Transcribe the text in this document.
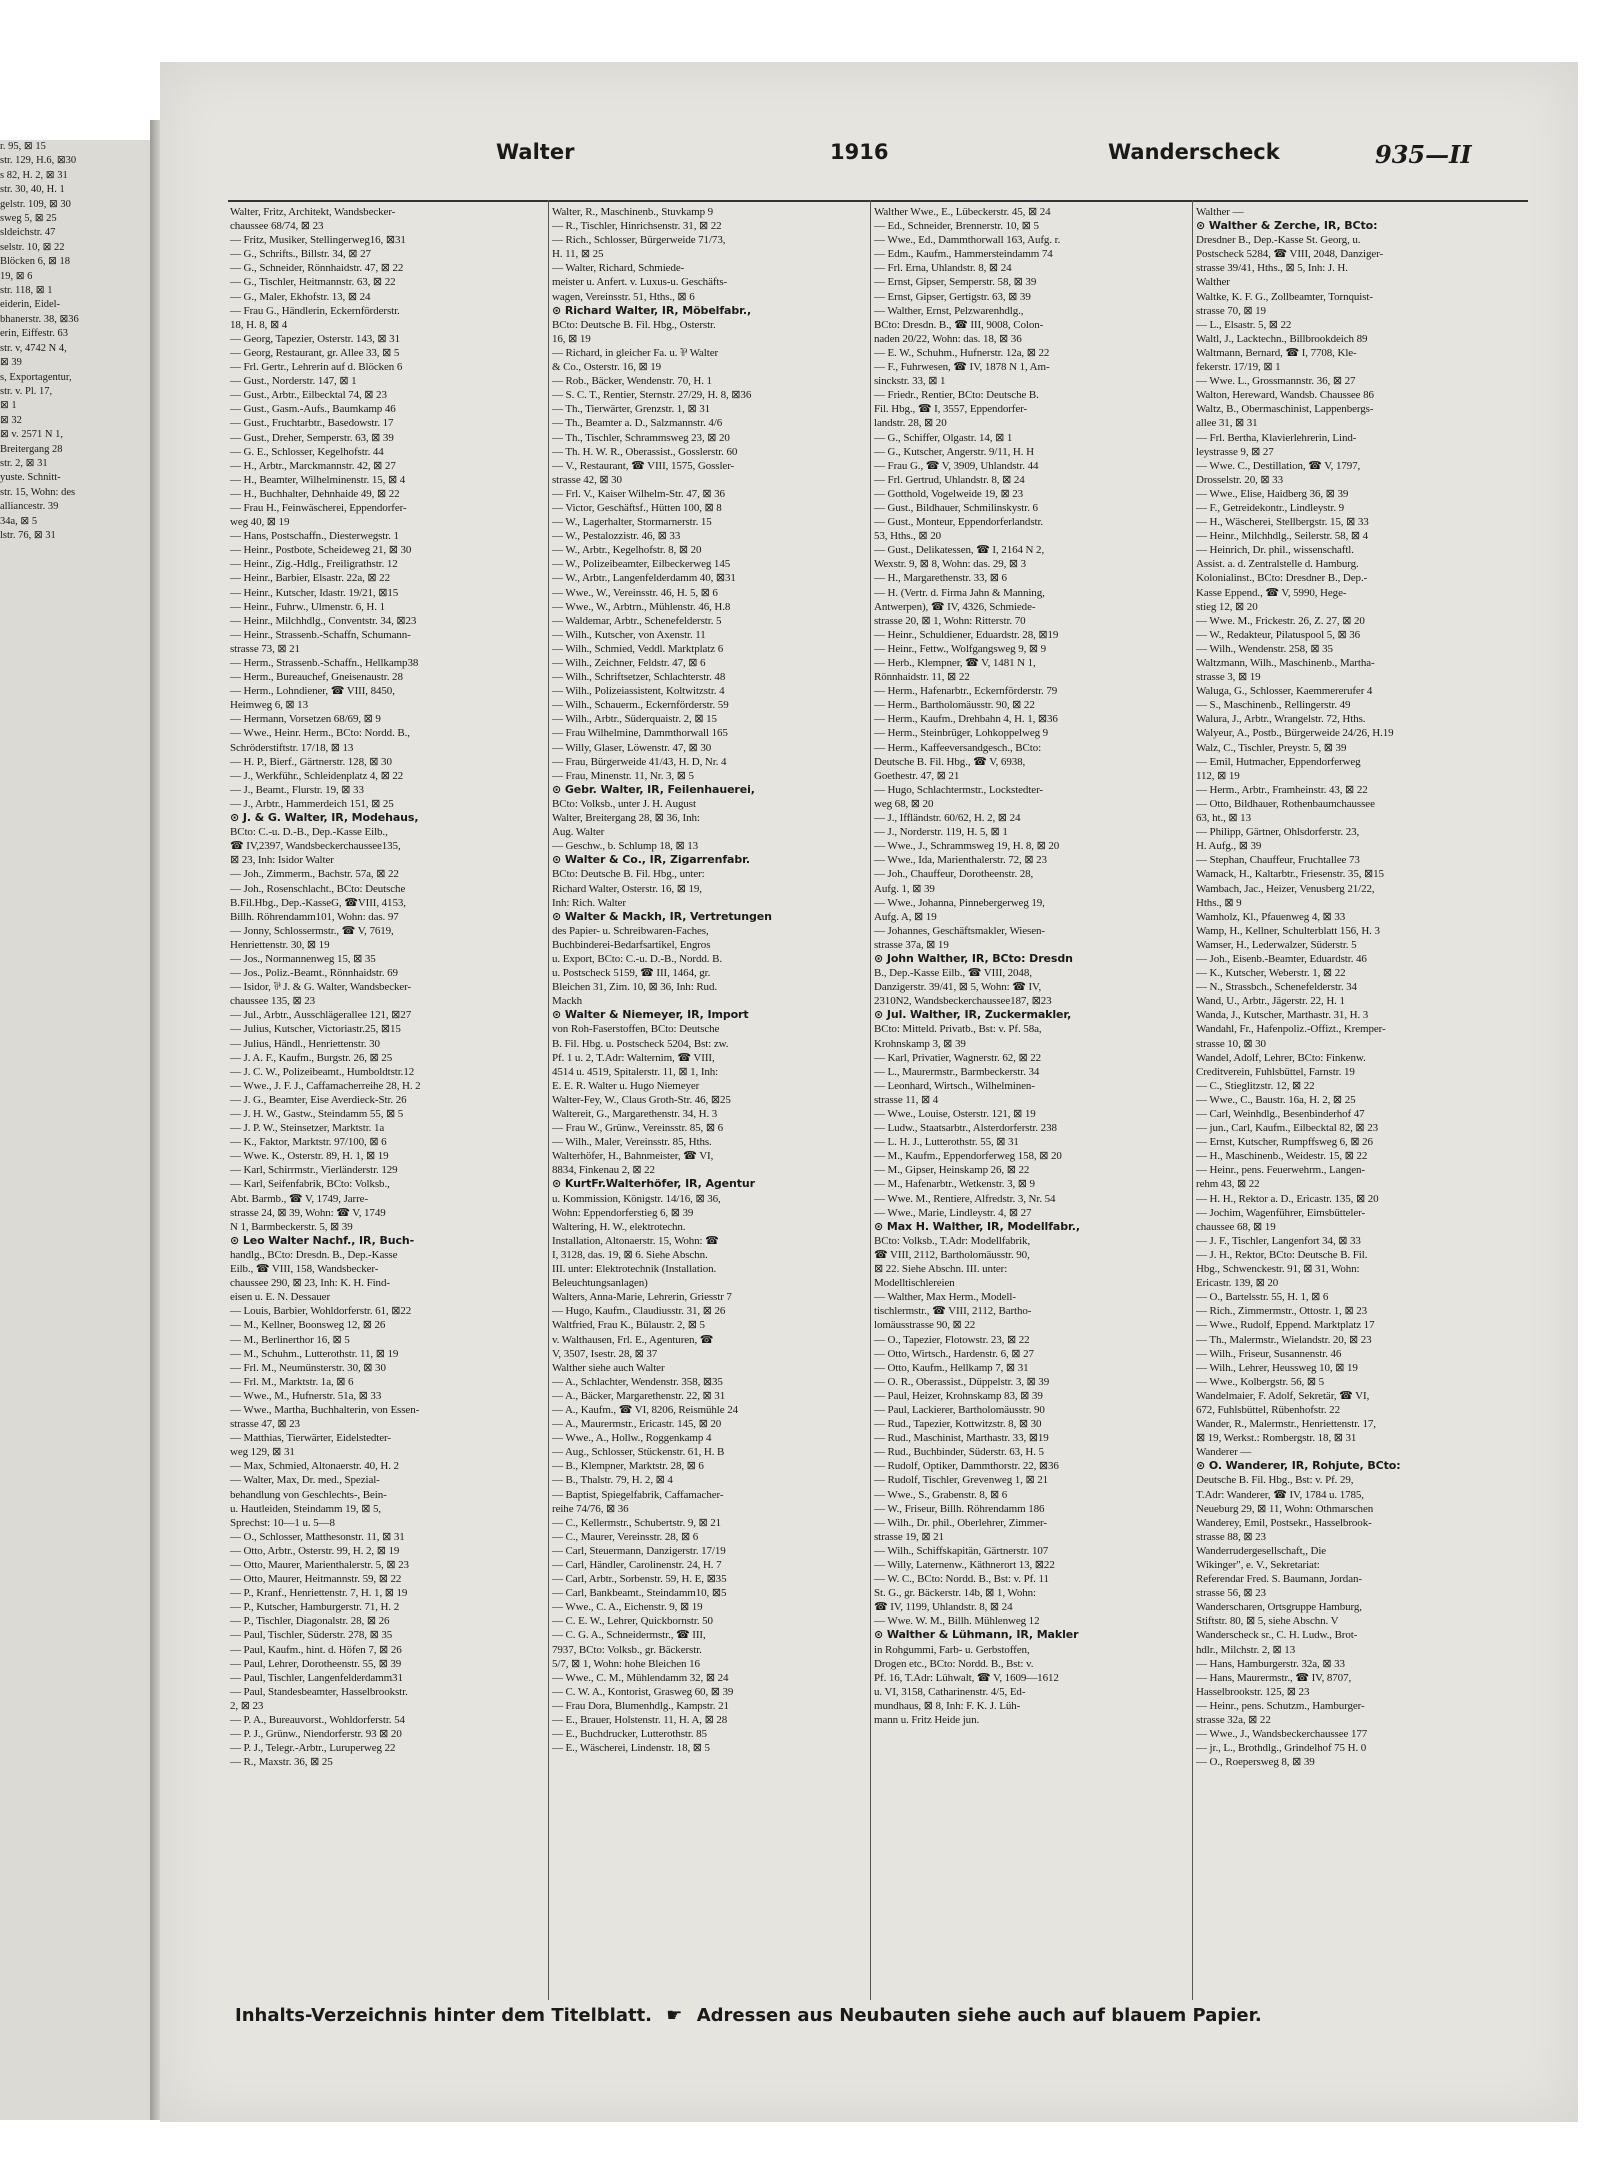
r. 95, ⊠ 15
str. 129, H.6, ⊠30
s 82, H. 2, ⊠ 31
str. 30, 40, H. 1
gelstr. 109, ⊠ 30
sweg 5, ⊠ 25
sldeichstr. 47
selstr. 10, ⊠ 22
Blöcken 6, ⊠ 18
19, ⊠ 6
str. 118, ⊠ 1
eiderin, Eidel-
bhanerstr. 38, ⊠36
erin, Eiffestr. 63
str. v, 4742 N 4,
⊠ 39
s, Exportagentur,
str. v. Pl. 17,
⊠ 1
⊠ 32
⊠ v. 2571 N 1,
Breitergang 28
str. 2, ⊠ 31
yuste. Schnitt-
str. 15, Wohn: des
alliancestr. 39
34a, ⊠ 5
lstr. 76, ⊠ 31
Walter	1916	Wanderscheck	935—II
Walter, Fritz, Architekt, Wandsbecker-
chaussee 68/74, ⊠ 23
— Fritz, Musiker, Stellingerweg16, ⊠31
— G., Schrifts., Billstr. 34, ⊠ 27
— G., Schneider, Rönnhaidstr. 47, ⊠ 22
— G., Tischler, Heitmannstr. 63, ⊠ 22
— G., Maler, Ekhofstr. 13, ⊠ 24
— Frau G., Händlerin, Eckernförderstr.
18, H. 8, ⊠ 4
— Georg, Tapezier, Osterstr. 143, ⊠ 31
— Georg, Restaurant, gr. Allee 33, ⊠ 5
— Frl. Gertr., Lehrerin auf d. Blöcken 6
— Gust., Norderstr. 147, ⊠ 1
— Gust., Arbtr., Eilbecktal 74, ⊠ 23
— Gust., Gasm.-Aufs., Baumkamp 46
— Gust., Fruchtarbtr., Basedowstr. 17
— Gust., Dreher, Semperstr. 63, ⊠ 39
— G. E., Schlosser, Kegelhofstr. 44
— H., Arbtr., Marckmannstr. 42, ⊠ 27
— H., Beamter, Wilhelminenstr. 15, ⊠ 4
— H., Buchhalter, Dehnhaide 49, ⊠ 22
— Frau H., Feinwäscherei, Eppendorfer-
weg 40, ⊠ 19
— Hans, Postschaffn., Diesterwegstr. 1
— Heinr., Postbote, Scheideweg 21, ⊠ 30
— Heinr., Zig.-Hdlg., Freiligrathstr. 12
— Heinr., Barbier, Elsastr. 22a, ⊠ 22
— Heinr., Kutscher, Idastr. 19/21, ⊠15
— Heinr., Fuhrw., Ulmenstr. 6, H. 1
— Heinr., Milchhdlg., Conventstr. 34, ⊠23
— Heinr., Strassenb.-Schaffn, Schumann-
strasse 73, ⊠ 21
— Herm., Strassenb.-Schaffn., Hellkamp38
— Herm., Bureauchef, Gneisenaustr. 28
— Herm., Lohndiener, ☎ VIII, 8450,
Heimweg 6, ⊠ 13
— Hermann, Vorsetzen 68/69, ⊠ 9
— Wwe., Heinr. Herm., BCto: Nordd. B.,
Schröderstiftstr. 17/18, ⊠ 13
— H. P., Bierf., Gärtnerstr. 128, ⊠ 30
— J., Werkführ., Schleidenplatz 4, ⊠ 22
— J., Beamt., Flurstr. 19, ⊠ 33
— J., Arbtr., Hammerdeich 151, ⊠ 25
⊙ J. & G. Walter, IR, Modehaus,
BCto: C.-u. D.-B., Dep.-Kasse Eilb.,
☎ IV,2397, Wandsbeckerchaussee135,
⊠ 23, Inh: Isidor Walter
— Joh., Zimmerm., Bachstr. 57a, ⊠ 22
— Joh., Rosenschlacht., BCto: Deutsche
B.Fil.Hbg., Dep.-KasseG, ☎VIII, 4153,
Billh. Röhrendamm101, Wohn: das. 97
— Jonny, Schlossermstr., ☎ V, 7619,
Henriettenstr. 30, ⊠ 19
— Jos., Normannenweg 15, ⊠ 35
— Jos., Poliz.-Beamt., Rönnhaidstr. 69
— Isidor, ⅌ J. & G. Walter, Wandsbecker-
chaussee 135, ⊠ 23
— Jul., Arbtr., Ausschlägerallee 121, ⊠27
— Julius, Kutscher, Victoriastr.25, ⊠15
— Julius, Händl., Henriettenstr. 30
— J. A. F., Kaufm., Burgstr. 26, ⊠ 25
— J. C. W., Polizeibeamt., Humboldtstr.12
— Wwe., J. F. J., Caffamacherreihe 28, H. 2
— J. G., Beamter, Eise Averdieck-Str. 26
— J. H. W., Gastw., Steindamm 55, ⊠ 5
— J. P. W., Steinsetzer, Marktstr. 1a
— K., Faktor, Marktstr. 97/100, ⊠ 6
— Wwe. K., Osterstr. 89, H. 1, ⊠ 19
— Karl, Schirrmstr., Vierländerstr. 129
— Karl, Seifenfabrik, BCto: Volksb.,
Abt. Barmb., ☎ V, 1749, Jarre-
strasse 24, ⊠ 39, Wohn: ☎ V, 1749
N 1, Barmbeckerstr. 5, ⊠ 39
⊙ Leo Walter Nachf., IR, Buch-
handlg., BCto: Dresdn. B., Dep.-Kasse
Eilb., ☎ VIII, 158, Wandsbecker-
chaussee 290, ⊠ 23, Inh: K. H. Find-
eisen u. E. N. Dessauer
— Louis, Barbier, Wohldorferstr. 61, ⊠22
— M., Kellner, Boonsweg 12, ⊠ 26
— M., Berlinerthor 16, ⊠ 5
— M., Schuhm., Lutterothstr. 11, ⊠ 19
— Frl. M., Neumünsterstr. 30, ⊠ 30
— Frl. M., Marktstr. 1a, ⊠ 6
— Wwe., M., Hufnerstr. 51a, ⊠ 33
— Wwe., Martha, Buchhalterin, von Essen-
strasse 47, ⊠ 23
— Matthias, Tierwärter, Eidelstedter-
weg 129, ⊠ 31
— Max, Schmied, Altonaerstr. 40, H. 2
— Walter, Max, Dr. med., Spezial-
behandlung von Geschlechts-, Bein-
u. Hautleiden, Steindamm 19, ⊠ 5,
Sprechst: 10—1 u. 5—8
— O., Schlosser, Matthesonstr. 11, ⊠ 31
— Otto, Arbtr., Osterstr. 99, H. 2, ⊠ 19
— Otto, Maurer, Marienthalerstr. 5, ⊠ 23
— Otto, Maurer, Heitmannstr. 59, ⊠ 22
— P., Kranf., Henriettenstr. 7, H. 1, ⊠ 19
— P., Kutscher, Hamburgerstr. 71, H. 2
— P., Tischler, Diagonalstr. 28, ⊠ 26
— Paul, Tischler, Süderstr. 278, ⊠ 35
— Paul, Kaufm., hint. d. Höfen 7, ⊠ 26
— Paul, Lehrer, Dorotheenstr. 55, ⊠ 39
— Paul, Tischler, Langenfelderdamm31
— Paul, Standesbeamter, Hasselbrookstr.
2, ⊠ 23
— P. A., Bureauvorst., Wohldorferstr. 54
— P. J., Grünw., Niendorferstr. 93 ⊠ 20
— P. J., Telegr.-Arbtr., Luruperweg 22
— R., Maxstr. 36, ⊠ 25
Walter, R., Maschinenb., Stuvkamp 9
— R., Tischler, Hinrichsenstr. 31, ⊠ 22
— Rich., Schlosser, Bürgerweide 71/73,
H. 11, ⊠ 25
— Walter, Richard, Schmiede-
meister u. Anfert. v. Luxus-u. Geschäfts-
wagen, Vereinsstr. 51, Hths., ⊠ 6
⊙ Richard Walter, IR, Möbelfabr.,
BCto: Deutsche B. Fil. Hbg., Osterstr.
16, ⊠ 19
— Richard, in gleicher Fa. u. ⅌ Walter
& Co., Osterstr. 16, ⊠ 19
— Rob., Bäcker, Wendenstr. 70, H. 1
— S. C. T., Rentier, Sternstr. 27/29, H. 8, ⊠36
— Th., Tierwärter, Grenzstr. 1, ⊠ 31
— Th., Beamter a. D., Salzmannstr. 4/6
— Th., Tischler, Schrammsweg 23, ⊠ 20
— Th. H. W. R., Oberassist., Gosslerstr. 60
— V., Restaurant, ☎ VIII, 1575, Gossler-
strasse 42, ⊠ 30
— Frl. V., Kaiser Wilhelm-Str. 47, ⊠ 36
— Victor, Geschäftsf., Hütten 100, ⊠ 8
— W., Lagerhalter, Stormarnerstr. 15
— W., Pestalozzistr. 46, ⊠ 33
— W., Arbtr., Kegelhofstr. 8, ⊠ 20
— W., Polizeibeamter, Eilbeckerweg 145
— W., Arbtr., Langenfelderdamm 40, ⊠31
— Wwe., W., Vereinsstr. 46, H. 5, ⊠ 6
— Wwe., W., Arbtrn., Mühlenstr. 46, H.8
— Waldemar, Arbtr., Schenefelderstr. 5
— Wilh., Kutscher, von Axenstr. 11
— Wilh., Schmied, Veddl. Marktplatz 6
— Wilh., Zeichner, Feldstr. 47, ⊠ 6
— Wilh., Schriftsetzer, Schlachterstr. 48
— Wilh., Polizeiassistent, Koltwitzstr. 4
— Wilh., Schauerm., Eckernförderstr. 59
— Wilh., Arbtr., Süderquaistr. 2, ⊠ 15
— Frau Wilhelmine, Dammthorwall 165
— Willy, Glaser, Löwenstr. 47, ⊠ 30
— Frau, Bürgerweide 41/43, H. D, Nr. 4
— Frau, Minenstr. 11, Nr. 3, ⊠ 5
⊙ Gebr. Walter, IR, Feilenhauerei,
BCto: Volksb., unter J. H. August
Walter, Breitergang 28, ⊠ 36, Inh:
Aug. Walter
— Geschw., b. Schlump 18, ⊠ 13
⊙ Walter & Co., IR, Zigarrenfabr.
BCto: Deutsche B. Fil. Hbg., unter:
Richard Walter, Osterstr. 16, ⊠ 19,
Inh: Rich. Walter
⊙ Walter & Mackh, IR, Vertretungen
des Papier- u. Schreibwaren-Faches,
Buchbinderei-Bedarfsartikel, Engros
u. Export, BCto: C.-u. D.-B., Nordd. B.
u. Postscheck 5159, ☎ III, 1464, gr.
Bleichen 31, Zim. 10, ⊠ 36, Inh: Rud.
Mackh
⊙ Walter & Niemeyer, IR, Import
von Roh-Faserstoffen, BCto: Deutsche
B. Fil. Hbg. u. Postscheck 5204, Bst: zw.
Pf. 1 u. 2, T.Adr: Walternim, ☎ VIII,
4514 u. 4519, Spitalerstr. 11, ⊠ 1, Inh:
E. E. R. Walter u. Hugo Niemeyer
Walter-Fey, W., Claus Groth-Str. 46, ⊠25
Waltereit, G., Margarethenstr. 34, H. 3
— Frau W., Grünw., Vereinsstr. 85, ⊠ 6
— Wilh., Maler, Vereinsstr. 85, Hths.
Walterhöfer, H., Bahnmeister, ☎ VI,
8834, Finkenau 2, ⊠ 22
⊙ KurtFr.Walterhöfer, IR, Agentur
u. Kommission, Königstr. 14/16, ⊠ 36,
Wohn: Eppendorferstieg 6, ⊠ 39
Waltering, H. W., elektrotechn.
Installation, Altonaerstr. 15, Wohn: ☎
I, 3128, das. 19, ⊠ 6. Siehe Abschn.
III. unter: Elektrotechnik (Installation.
Beleuchtungsanlagen)
Walters, Anna-Marie, Lehrerin, Griesstr 7
— Hugo, Kaufm., Claudiusstr. 31, ⊠ 26
Waltfried, Frau K., Bülaustr. 2, ⊠ 5
v. Walthausen, Frl. E., Agenturen, ☎
V, 3507, Isestr. 28, ⊠ 37
Walther siehe auch Walter
— A., Schlachter, Wendenstr. 358, ⊠35
— A., Bäcker, Margarethenstr. 22, ⊠ 31
— A., Kaufm., ☎ VI, 8206, Reismühle 24
— A., Maurermstr., Ericastr. 145, ⊠ 20
— Wwe., A., Hollw., Roggenkamp 4
— Aug., Schlosser, Stückenstr. 61, H. B
— B., Klempner, Marktstr. 28, ⊠ 6
— B., Thalstr. 79, H. 2, ⊠ 4
— Baptist, Spiegelfabrik, Caffamacher-
reihe 74/76, ⊠ 36
— C., Kellermstr., Schubertstr. 9, ⊠ 21
— C., Maurer, Vereinsstr. 28, ⊠ 6
— Carl, Steuermann, Danzigerstr. 17/19
— Carl, Händler, Carolinenstr. 24, H. 7
— Carl, Arbtr., Sorbenstr. 59, H. E, ⊠35
— Carl, Bankbeamt., Steindamm10, ⊠5
— Wwe., C. A., Eichenstr. 9, ⊠ 19
— C. E. W., Lehrer, Quickbornstr. 50
— C. G. A., Schneidermstr., ☎ III,
7937, BCto: Volksb., gr. Bäckerstr.
5/7, ⊠ 1, Wohn: hohe Bleichen 16
— Wwe., C. M., Mühlendamm 32, ⊠ 24
— C. W. A., Kontorist, Grasweg 60, ⊠ 39
— Frau Dora, Blumenhdlg., Kampstr. 21
— E., Brauer, Holstenstr. 11, H. A, ⊠ 28
— E., Buchdrucker, Lutterothstr. 85
— E., Wäscherei, Lindenstr. 18, ⊠ 5
Walther Wwe., E., Lübeckerstr. 45, ⊠ 24
— Ed., Schneider, Brennerstr. 10, ⊠ 5
— Wwe., Ed., Dammthorwall 163, Aufg. r.
— Edm., Kaufm., Hammersteindamm 74
— Frl. Erna, Uhlandstr. 8, ⊠ 24
— Ernst, Gipser, Semperstr. 58, ⊠ 39
— Ernst, Gipser, Gertigstr. 63, ⊠ 39
— Walther, Ernst, Pelzwarenhdlg.,
BCto: Dresdn. B., ☎ III, 9008, Colon-
naden 20/22, Wohn: das. 18, ⊠ 36
— E. W., Schuhm., Hufnerstr. 12a, ⊠ 22
— F., Fuhrwesen, ☎ IV, 1878 N 1, Am-
sinckstr. 33, ⊠ 1
— Friedr., Rentier, BCto: Deutsche B.
Fil. Hbg., ☎ I, 3557, Eppendorfer-
landstr. 28, ⊠ 20
— G., Schiffer, Olgastr. 14, ⊠ 1
— G., Kutscher, Angerstr. 9/11, H. H
— Frau G., ☎ V, 3909, Uhlandstr. 44
— Frl. Gertrud, Uhlandstr. 8, ⊠ 24
— Gotthold, Vogelweide 19, ⊠ 23
— Gust., Bildhauer, Schmilinskystr. 6
— Gust., Monteur, Eppendorferlandstr.
53, Hths., ⊠ 20
— Gust., Delikatessen, ☎ I, 2164 N 2,
Wexstr. 9, ⊠ 8, Wohn: das. 29, ⊠ 3
— H., Margarethenstr. 33, ⊠ 6
— H. (Vertr. d. Firma Jahn & Manning,
Antwerpen), ☎ IV, 4326, Schmiede-
strasse 20, ⊠ 1, Wohn: Ritterstr. 70
— Heinr., Schuldiener, Eduardstr. 28, ⊠19
— Heinr., Fettw., Wolfgangsweg 9, ⊠ 9
— Herb., Klempner, ☎ V, 1481 N 1,
Rönnhaidstr. 11, ⊠ 22
— Herm., Hafenarbtr., Eckernförderstr. 79
— Herm., Bartholomäusstr. 90, ⊠ 22
— Herm., Kaufm., Drehbahn 4, H. 1, ⊠36
— Herm., Steinbrüger, Lohkoppelweg 9
— Herm., Kaffeeversandgesch., BCto:
Deutsche B. Fil. Hbg., ☎ V, 6938,
Goethestr. 47, ⊠ 21
— Hugo, Schlachtermstr., Lockstedter-
weg 68, ⊠ 20
— J., Iffländstr. 60/62, H. 2, ⊠ 24
— J., Norderstr. 119, H. 5, ⊠ 1
— Wwe., J., Schrammsweg 19, H. 8, ⊠ 20
— Wwe., Ida, Marienthalerstr. 72, ⊠ 23
— Joh., Chauffeur, Dorotheenstr. 28,
Aufg. 1, ⊠ 39
— Wwe., Johanna, Pinnebergerweg 19,
Aufg. A, ⊠ 19
— Johannes, Geschäftsmakler, Wiesen-
strasse 37a, ⊠ 19
⊙ John Walther, IR, BCto: Dresdn
B., Dep.-Kasse Eilb., ☎ VIII, 2048,
Danzigerstr. 39/41, ⊠ 5, Wohn: ☎ IV,
2310N2, Wandsbeckerchaussee187, ⊠23
⊙ Jul. Walther, IR, Zuckermakler,
BCto: Mitteld. Privatb., Bst: v. Pf. 58a,
Krohnskamp 3, ⊠ 39
— Karl, Privatier, Wagnerstr. 62, ⊠ 22
— L., Maurermstr., Barmbeckerstr. 34
— Leonhard, Wirtsch., Wilhelminen-
strasse 11, ⊠ 4
— Wwe., Louise, Osterstr. 121, ⊠ 19
— Ludw., Staatsarbtr., Alsterdorferstr. 238
— L. H. J., Lutterothstr. 55, ⊠ 31
— M., Kaufm., Eppendorferweg 158, ⊠ 20
— M., Gipser, Heinskamp 26, ⊠ 22
— M., Hafenarbtr., Wetkenstr. 3, ⊠ 9
— Wwe. M., Rentiere, Alfredstr. 3, Nr. 54
— Wwe., Marie, Lindleystr. 4, ⊠ 27
⊙ Max H. Walther, IR, Modellfabr.,
BCto: Volksb., T.Adr: Modellfabrik,
☎ VIII, 2112, Bartholomäusstr. 90,
⊠ 22. Siehe Abschn. III. unter:
Modelltischlereien
— Walther, Max Herm., Modell-
tischlermstr., ☎ VIII, 2112, Bartho-
lomäusstrasse 90, ⊠ 22
— O., Tapezier, Flotowstr. 23, ⊠ 22
— Otto, Wirtsch., Hardenstr. 6, ⊠ 27
— Otto, Kaufm., Hellkamp 7, ⊠ 31
— O. R., Oberassist., Düppelstr. 3, ⊠ 39
— Paul, Heizer, Krohnskamp 83, ⊠ 39
— Paul, Lackierer, Bartholomäusstr. 90
— Rud., Tapezier, Kottwitzstr. 8, ⊠ 30
— Rud., Maschinist, Marthastr. 33, ⊠19
— Rud., Buchbinder, Süderstr. 63, H. 5
— Rudolf, Optiker, Dammthorstr. 22, ⊠36
— Rudolf, Tischler, Grevenweg 1, ⊠ 21
— Wwe., S., Grabenstr. 8, ⊠ 6
— W., Friseur, Billh. Röhrendamm 186
— Wilh., Dr. phil., Oberlehrer, Zimmer-
strasse 19, ⊠ 21
— Wilh., Schiffskapitän, Gärtnerstr. 107
— Willy, Laternenw., Käthnerort 13, ⊠22
— W. C., BCto: Nordd. B., Bst: v. Pf. 11
St. G., gr. Bäckerstr. 14b, ⊠ 1, Wohn:
☎ IV, 1199, Uhlandstr. 8, ⊠ 24
— Wwe. W. M., Billh. Mühlenweg 12
⊙ Walther & Lühmann, IR, Makler
in Rohgummi, Farb- u. Gerbstoffen,
Drogen etc., BCto: Nordd. B., Bst: v.
Pf. 16, T.Adr: Lühwalt, ☎ V, 1609—1612
u. VI, 3158, Catharinenstr. 4/5, Ed-
mundhaus, ⊠ 8, Inh: F. K. J. Lüh-
mann u. Fritz Heide jun.
Walther —
⊙ Walther & Zerche, IR, BCto:
Dresdner B., Dep.-Kasse St. Georg, u.
Postscheck 5284, ☎ VIII, 2048, Danziger-
strasse 39/41, Hths., ⊠ 5, Inh: J. H.
Walther
Waltke, K. F. G., Zollbeamter, Tornquist-
strasse 70, ⊠ 19
— L., Elsastr. 5, ⊠ 22
Waltl, J., Lacktechn., Billbrookdeich 89
Waltmann, Bernard, ☎ I, 7708, Kle-
fekerstr. 17/19, ⊠ 1
— Wwe. L., Grossmannstr. 36, ⊠ 27
Walton, Hereward, Wandsb. Chaussee 86
Waltz, B., Obermaschinist, Lappenbergs-
allee 31, ⊠ 31
— Frl. Bertha, Klavierlehrerin, Lind-
leystrasse 9, ⊠ 27
— Wwe. C., Destillation, ☎ V, 1797,
Drosselstr. 20, ⊠ 33
— Wwe., Elise, Haidberg 36, ⊠ 39
— F., Getreidekontr., Lindleystr. 9
— H., Wäscherei, Stellbergstr. 15, ⊠ 33
— Heinr., Milchhdlg., Seilerstr. 58, ⊠ 4
— Heinrich, Dr. phil., wissenschaftl.
Assist. a. d. Zentralstelle d. Hamburg.
Kolonialinst., BCto: Dresdner B., Dep.-
Kasse Eppend., ☎ V, 5990, Hege-
stieg 12, ⊠ 20
— Wwe. M., Frickestr. 26, Z. 27, ⊠ 20
— W., Redakteur, Pilatuspool 5, ⊠ 36
— Wilh., Wendenstr. 258, ⊠ 35
Waltzmann, Wilh., Maschinenb., Martha-
strasse 3, ⊠ 19
Waluga, G., Schlosser, Kaemmererufer 4
— S., Maschinenb., Rellingerstr. 49
Walura, J., Arbtr., Wrangelstr. 72, Hths.
Walyeur, A., Postb., Bürgerweide 24/26, H.19
Walz, C., Tischler, Preystr. 5, ⊠ 39
— Emil, Hutmacher, Eppendorferweg
112, ⊠ 19
— Herm., Arbtr., Framheinstr. 43, ⊠ 22
— Otto, Bildhauer, Rothenbaumchaussee
63, ht., ⊠ 13
— Philipp, Gärtner, Ohlsdorferstr. 23,
H. Aufg., ⊠ 39
— Stephan, Chauffeur, Fruchtallee 73
Wamack, H., Kaltarbtr., Friesenstr. 35, ⊠15
Wambach, Jac., Heizer, Venusberg 21/22,
Hths., ⊠ 9
Wamholz, Kl., Pfauenweg 4, ⊠ 33
Wamp, H., Kellner, Schulterblatt 156, H. 3
Wamser, H., Lederwalzer, Süderstr. 5
— Joh., Eisenb.-Beamter, Eduardstr. 46
— K., Kutscher, Weberstr. 1, ⊠ 22
— N., Strassbch., Schenefelderstr. 34
Wand, U., Arbtr., Jägerstr. 22, H. 1
Wanda, J., Kutscher, Marthastr. 31, H. 3
Wandahl, Fr., Hafenpoliz.-Offizt., Kremper-
strasse 10, ⊠ 30
Wandel, Adolf, Lehrer, BCto: Finkenw.
Creditverein, Fuhlsbüttel, Farnstr. 19
— C., Stieglitzstr. 12, ⊠ 22
— Wwe., C., Baustr. 16a, H. 2, ⊠ 25
— Carl, Weinhdlg., Besenbinderhof 47
— jun., Carl, Kaufm., Eilbecktal 82, ⊠ 23
— Ernst, Kutscher, Rumpffsweg 6, ⊠ 26
— H., Maschinenb., Weidestr. 15, ⊠ 22
— Heinr., pens. Feuerwehrm., Langen-
rehm 43, ⊠ 22
— H. H., Rektor a. D., Ericastr. 135, ⊠ 20
— Jochim, Wagenführer, Eimsbütteler-
chaussee 68, ⊠ 19
— J. F., Tischler, Langenfort 34, ⊠ 33
— J. H., Rektor, BCto: Deutsche B. Fil.
Hbg., Schwenckestr. 91, ⊠ 31, Wohn:
Ericastr. 139, ⊠ 20
— O., Bartelsstr. 55, H. 1, ⊠ 6
— Rich., Zimmermstr., Ottostr. 1, ⊠ 23
— Wwe., Rudolf, Eppend. Marktplatz 17
— Th., Malermstr., Wielandstr. 20, ⊠ 23
— Wilh., Friseur, Susannenstr. 46
— Wilh., Lehrer, Heussweg 10, ⊠ 19
— Wwe., Kolbergstr. 56, ⊠ 5
Wandelmaier, F. Adolf, Sekretär, ☎ VI,
672, Fuhlsbüttel, Rübenhofstr. 22
Wander, R., Malermstr., Henriettenstr. 17,
⊠ 19, Werkst.: Rombergstr. 18, ⊠ 31
Wanderer —
⊙ O. Wanderer, IR, Rohjute, BCto:
Deutsche B. Fil. Hbg., Bst: v. Pf. 29,
T.Adr: Wanderer, ☎ IV, 1784 u. 1785,
Neueburg 29, ⊠ 11, Wohn: Othmarschen
Wanderey, Emil, Postsekr., Hasselbrook-
strasse 88, ⊠ 23
Wanderrudergesellschaft,, Die
Wikinger", e. V., Sekretariat:
Referendar Fred. S. Baumann, Jordan-
strasse 56, ⊠ 23
Wanderscharen, Ortsgruppe Hamburg,
Stiftstr. 80, ⊠ 5, siehe Abschn. V
Wanderscheck sr., C. H. Ludw., Brot-
hdlr., Milchstr. 2, ⊠ 13
— Hans, Hamburgerstr. 32a, ⊠ 33
— Hans, Maurermstr., ☎ IV, 8707,
Hasselbrookstr. 125, ⊠ 23
— Heinr., pens. Schutzm., Hamburger-
strasse 32a, ⊠ 22
— Wwe., J., Wandsbeckerchaussee 177
— jr., L., Brothdlg., Grindelhof 75 H. 0
— O., Roepersweg 8, ⊠ 39
Inhalts-Verzeichnis hinter dem Titelblatt. ☛ Adressen aus Neubauten siehe auch auf blauem Papier.
